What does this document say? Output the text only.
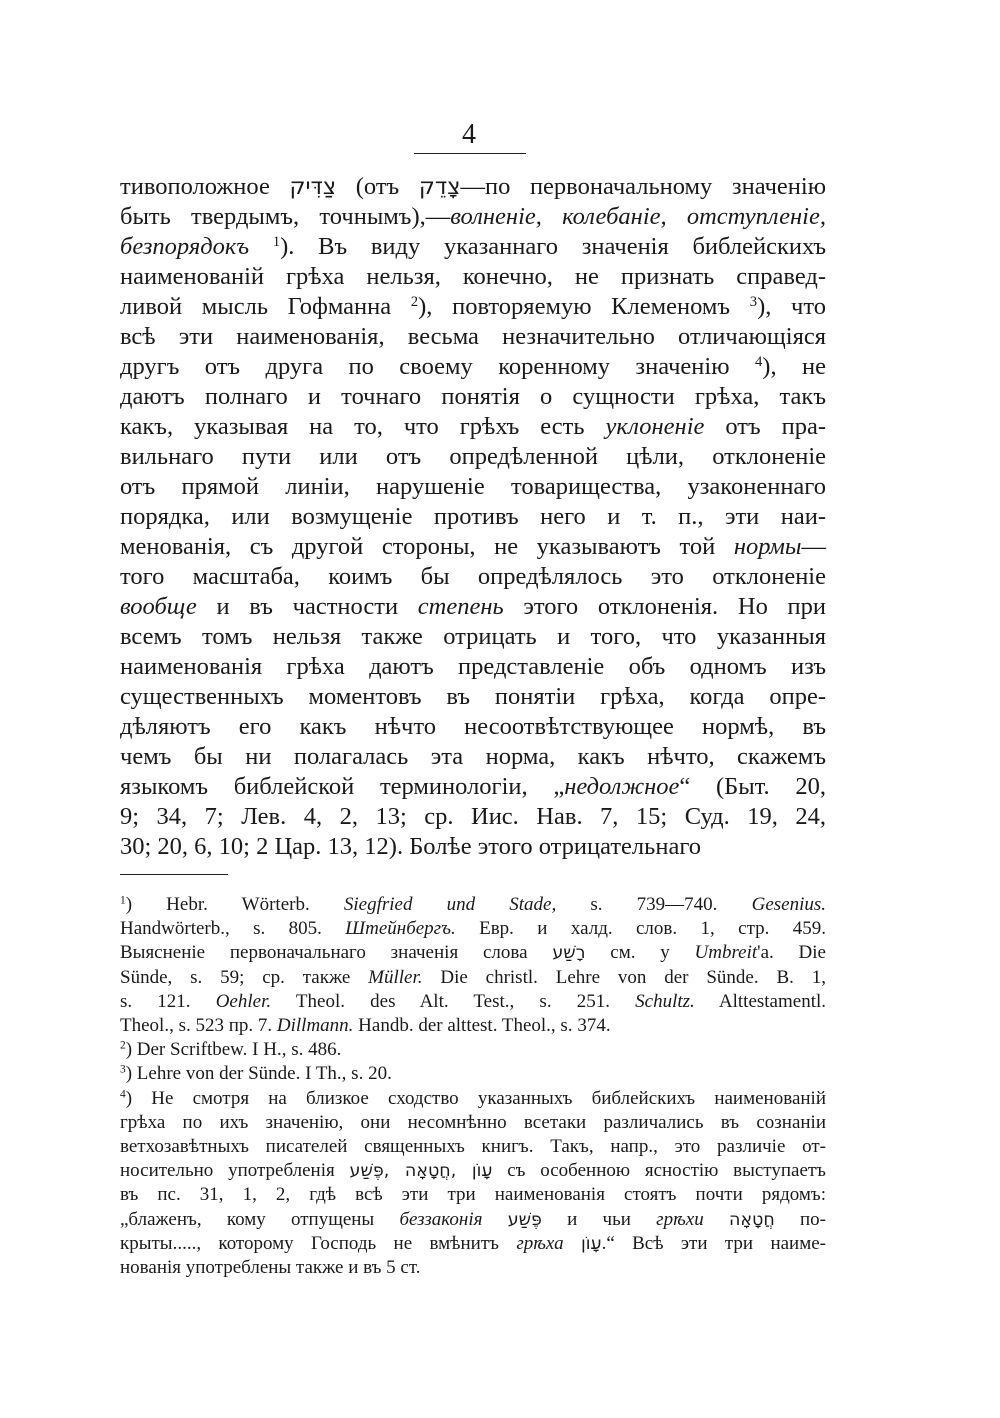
4
тивоположное צַדִּיק (отъ צָדֵק—по первоначальному значенію
быть твердымъ, точнымъ),—волненіе, колебаніе, отступленіе,
безпорядокъ $^1$). Въ виду указаннаго значенія библейскихъ
наименованій грѣха нельзя, конечно, не признать справед-
ливой мысль Гофманна $^2$), повторяемую Клеменомъ $^3$), что
всѣ эти наименованія, весьма незначительно отличающіяся
другъ отъ друга по своему коренному значенію $^4$), не
даютъ полнаго и точнаго понятія о сущности грѣха, такъ
какъ, указывая на то, что грѣхъ есть уклоненіе отъ пра-
вильнаго пути или отъ опредѣленной цѣли, отклоненіе
отъ прямой линіи, нарушеніе товарищества, узаконеннаго
порядка, или возмущеніе противъ него и т. п., эти наи-
менованія, съ другой стороны, не указываютъ той нормы—
того масштаба, коимъ бы опредѣлялось это отклоненіе
вообще и въ частности степень этого отклоненія. Но при
всемъ томъ нельзя также отрицать и того, что указанныя
наименованія грѣха даютъ представленіе объ одномъ изъ
существенныхъ моментовъ въ понятіи грѣха, когда опре-
дѣляютъ его какъ нѣчто несоотвѣтствующее нормѣ, въ
чемъ бы ни полагалась эта норма, какъ нѣчто, скажемъ
языкомъ библейской терминологіи, „недолжное“ (Быт. 20,
9; 34, 7; Лев. 4, 2, 13; ср. Иис. Нав. 7, 15; Суд. 19, 24,
30; 20, 6, 10; 2 Цар. 13, 12). Болѣе этого отрицательнаго
$^1$) Hebr. Wörterb. Siegfried und Stade, s. 739—740. Gesenius.
Handwörterb., s. 805. Штейнбергъ. Евр. и халд. слов. 1, стр. 459.
Выясненіе первоначальнаго значенія слова רָשַׁע см. у Umbreit'а. Die
Sünde, s. 59; ср. также Müller. Die christl. Lehre von der Sünde. B. 1,
s. 121. Oehler. Theol. des Alt. Test., s. 251. Schultz. Alttestamentl.
Theol., s. 523 пр. 7. Dillmann. Handb. der alttest. Theol., s. 374.
$^2$) Der Scriftbew. I H., s. 486.
$^3$) Lehre von der Sünde. I Th., s. 20.
$^4$) Не смотря на близкое сходство указанныхъ библейскихъ наименованій
грѣха по ихъ значенію, они несомнѣнно всетаки различались въ сознаніи
ветхозавѣтныхъ писателей священныхъ книгъ. Такъ, напр., это различіе от-
носительно употребленія עָוֹן ,חֲטָאָה ,פֶּשַׁע съ особенною ясностію выступаетъ
въ пс. 31, 1, 2, гдѣ всѣ эти три наименованія стоятъ почти рядомъ:
„блаженъ, кому отпущены беззаконія פֶּשַׁע и чьи грѣхи חֲטָאָה по-
крыты....., которому Господь не вмѣнитъ грѣха עָוֹן.“ Всѣ эти три наиме-
нованія употреблены также и въ 5 ст.
